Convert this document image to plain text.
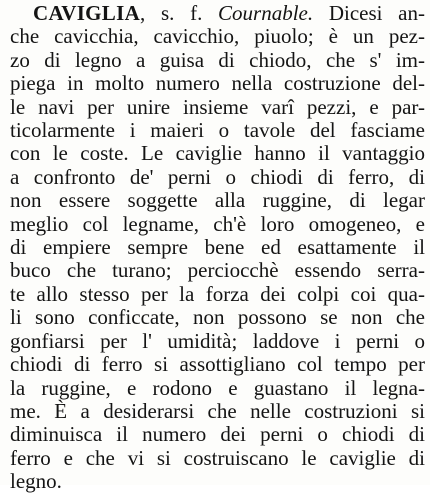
CAVIGLIA, s. f. Cournable. Dicesi an-
che cavicchia, cavicchio, piuolo; è un pez-
zo di legno a guisa di chiodo, che s' im-
piega in molto numero nella costruzione del-
le navi per unire insieme varî pezzi, e par-
ticolarmente i maieri o tavole del fasciame
con le coste. Le caviglie hanno il vantaggio
a confronto de' perni o chiodi di ferro, di
non essere soggette alla ruggine, di legar
meglio col legname, ch'è loro omogeneo, e
di empiere sempre bene ed esattamente il
buco che turano; perciocchè essendo serra-
te allo stesso per la forza dei colpi coi qua-
li sono conficcate, non possono se non che
gonfiarsi per l' umidità; laddove i perni o
chiodi di ferro si assottigliano col tempo per
la ruggine, e rodono e guastano il legna-
me. È a desiderarsi che nelle costruzioni si
diminuisca il numero dei perni o chiodi di
ferro e che vi si costruiscano le caviglie di
legno.
